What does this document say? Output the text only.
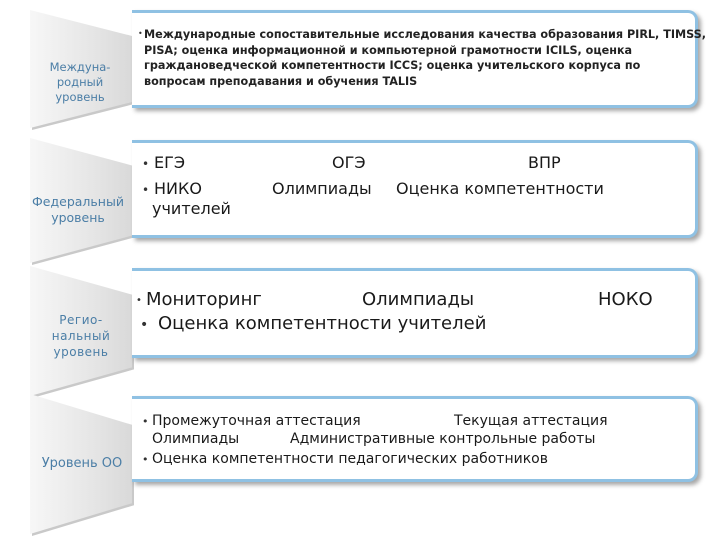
Междуна-
родный
уровень
Федеральный
уровень
Регио-
нальный
уровень
Уровень ОО
• Международные сопоставительные исследования качества образования PIRL, TIMSS,
PISA; оценка информационной и компьютерной грамотности ICILS, оценка
граждановедческой компетентности ICCS; оценка учительского корпуса по
вопросам преподавания и обучения TALIS
• ЕГЭ	ОГЭ	ВПР
• НИКО	Олимпиады Оценка компетентности
учителей
• Мониторинг	Олимпиады	НОКО
• Оценка компетентности учителей
• Промежуточная аттестация	Текущая аттестация
Олимпиады	Административные контрольные работы
• Оценка компетентности педагогических работников
